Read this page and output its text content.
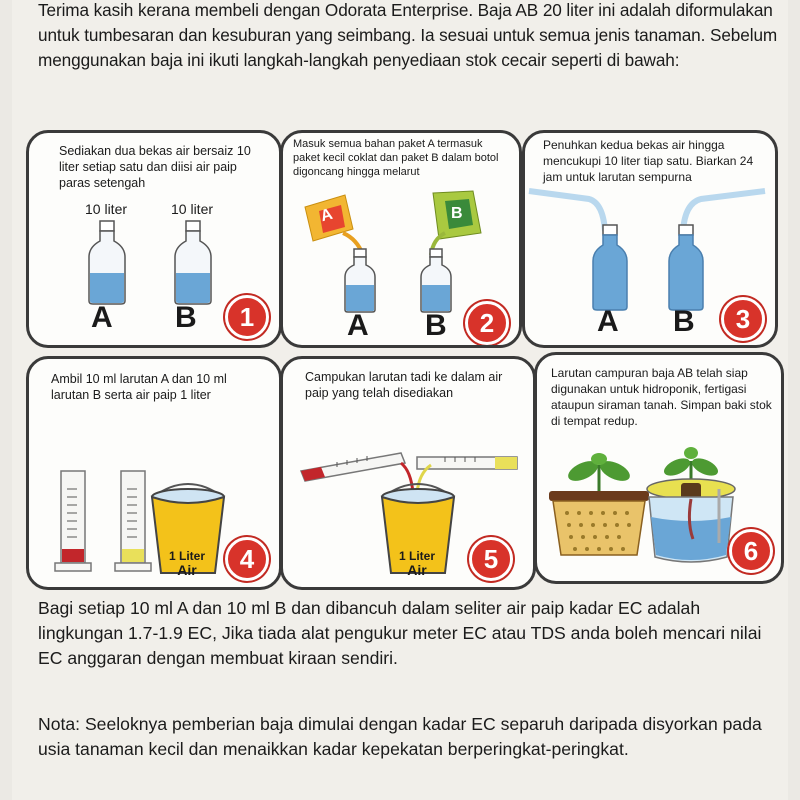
Terima kasih kerana membeli dengan Odorata Enterprise. Baja AB 20 liter ini adalah diformulakan untuk tumbesaran dan kesuburan yang seimbang. Ia sesuai untuk semua jenis tanaman. Sebelum menggunakan baja ini ikuti langkah-langkah penyediaan stok cecair seperti di bawah:
Sediakan dua bekas air bersaiz 10 liter setiap satu dan diisi air paip paras setengah
10 liter	10 liter
A B	1
Masuk semua bahan paket A termasuk paket kecil coklat dan paket B dalam botol digoncang hingga melarut
A	B
A B	2
Penuhkan kedua bekas air hingga mencukupi 10 liter tiap satu. Biarkan 24 jam untuk larutan sempurna
A B	3
Ambil 10 ml larutan A dan 10 ml larutan B serta air paip 1 liter
1 Liter
Air	4
Campukan larutan tadi ke dalam air paip yang telah disediakan
1 Liter
Air	5
Larutan campuran baja AB telah siap digunakan untuk hidroponik, fertigasi ataupun siraman tanah. Simpan baki stok di tempat redup.
6
Bagi setiap 10 ml A dan 10 ml B dan dibancuh dalam seliter air paip kadar EC adalah lingkungan 1.7-1.9 EC, Jika tiada alat pengukur meter EC atau TDS anda boleh mencari nilai EC anggaran dengan membuat kiraan sendiri.
Nota: Seeloknya pemberian baja dimulai dengan kadar EC separuh daripada disyorkan pada usia tanaman kecil dan menaikkan kadar kepekatan berperingkat-peringkat.
